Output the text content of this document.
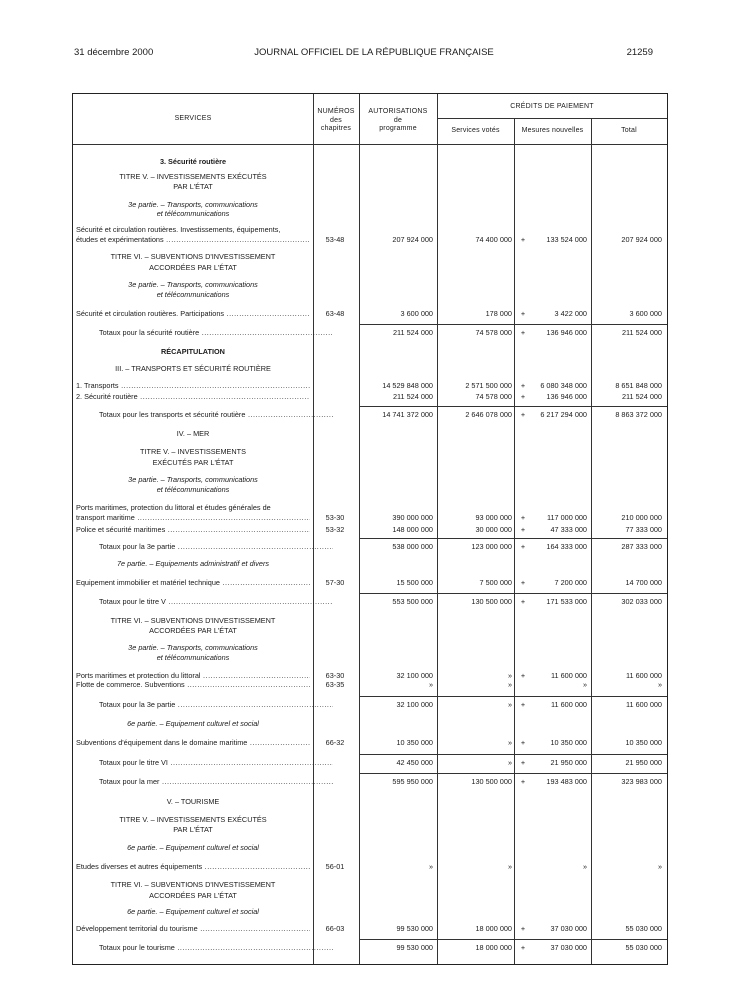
31 décembre 2000	JOURNAL OFFICIEL DE LA RÉPUBLIQUE FRANÇAISE	21259
SERVICES
NUMÉROS
des
chapitres
AUTORISATIONS
de
programme
CRÉDITS DE PAIEMENT
Services votés	Mesures nouvelles	Total
3. Sécurité routière
TITRE V. – INVESTISSEMENTS EXÉCUTÉS
PAR L'ÉTAT
3e partie. – Transports, communications
et télécommunications
Sécurité et circulation routières. Investissements, équipements,
études et expérimentations .....	53-48	207 924 000	74 400 000	+	133 524 000	207 924 000
TITRE VI. – SUBVENTIONS D'INVESTISSEMENT
ACCORDÉES PAR L'ÉTAT
3e partie. – Transports, communications
et télécommunications
Sécurité et circulation routières. Participations .....	63-48	3 600 000	178 000	+	3 422 000	3 600 000
Totaux pour la sécurité routière .....	211 524 000	74 578 000	+	136 946 000	211 524 000
RÉCAPITULATION
III. – TRANSPORTS ET SÉCURITÉ ROUTIÈRE
1. Transports .....	14 529 848 000	2 571 500 000	+	6 080 348 000	8 651 848 000
2. Sécurité routière .....	211 524 000	74 578 000	+	136 946 000	211 524 000
Totaux pour les transports et sécurité routière .....	14 741 372 000	2 646 078 000	+	6 217 294 000	8 863 372 000
IV. – MER
TITRE V. – INVESTISSEMENTS
EXÉCUTÉS PAR L'ÉTAT
3e partie. – Transports, communications
et télécommunications
Ports maritimes, protection du littoral et études générales de
transport maritime .....	53-30	390 000 000	93 000 000	+	117 000 000	210 000 000
Police et sécurité maritimes .....	53-32	148 000 000	30 000 000	+	47 333 000	77 333 000
Totaux pour la 3e partie .....	538 000 000	123 000 000	+	164 333 000	287 333 000
7e partie. – Equipements administratif et divers
Equipement immobilier et matériel technique .....	57-30	15 500 000	7 500 000	+	7 200 000	14 700 000
Totaux pour le titre V .....	553 500 000	130 500 000	+	171 533 000	302 033 000
TITRE VI. – SUBVENTIONS D'INVESTISSEMENT
ACCORDÉES PAR L'ÉTAT
3e partie. – Transports, communications
et télécommunications
Ports maritimes et protection du littoral .....	63-30	32 100 000	»	+	11 600 000	11 600 000
Flotte de commerce. Subventions .....	63-35	»	»	»	»
Totaux pour la 3e partie .....	32 100 000	»	+	11 600 000	11 600 000
6e partie. – Equipement culturel et social
Subventions d'équipement dans le domaine maritime .....	66-32	10 350 000	»	+	10 350 000	10 350 000
Totaux pour le titre VI .....	42 450 000	»	+	21 950 000	21 950 000
Totaux pour la mer .....	595 950 000	130 500 000	+	193 483 000	323 983 000
V. – TOURISME
TITRE V. – INVESTISSEMENTS EXÉCUTÉS
PAR L'ÉTAT
6e partie. – Equipement culturel et social
Etudes diverses et autres équipements .....	56-01	»	»	»	»
TITRE VI. – SUBVENTIONS D'INVESTISSEMENT
ACCORDÉES PAR L'ÉTAT
6e partie. – Equipement culturel et social
Développement territorial du tourisme .....	66-03	99 530 000	18 000 000	+	37 030 000	55 030 000
Totaux pour le tourisme .....	99 530 000	18 000 000	+	37 030 000	55 030 000
